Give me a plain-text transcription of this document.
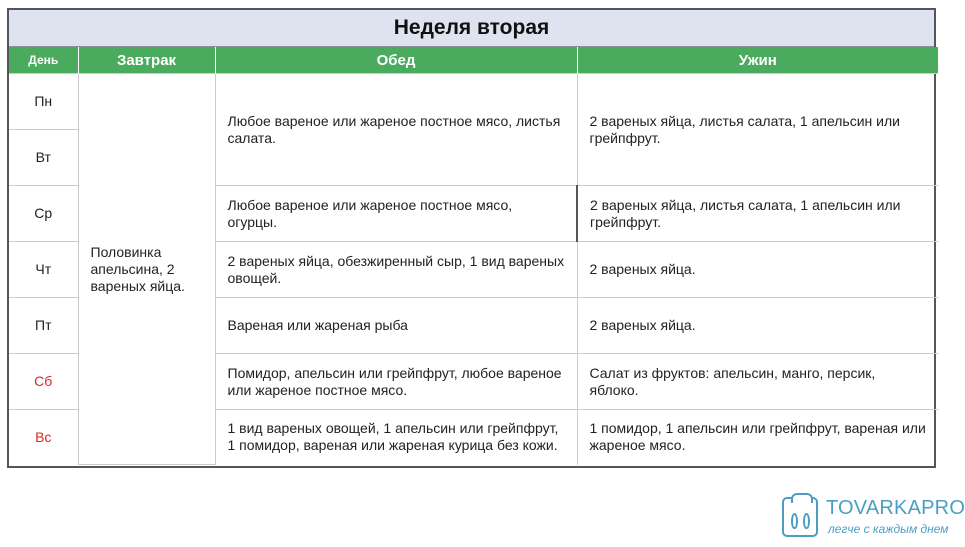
Неделя вторая
День	Завтрак	Обед	Ужин
Пн	Половинка апельсина, 2 вареных яйца.	Любое вареное или жареное постное мясо, листья салата.	2 вареных яйца, листья салата, 1 апельсин или грейпфрут.
Вт			
Ср		Любое вареное или жареное постное мясо, огурцы.	2 вареных яйца, листья салата, 1 апельсин или грейпфрут.
Чт		2 вареных яйца, обезжиренный сыр, 1 вид вареных овощей.	2 вареных яйца.
Пт		Вареная или жареная рыба	2 вареных яйца.
Сб		Помидор, апельсин или грейпфрут, любое вареное или жареное постное мясо.	Салат из фруктов: апельсин, манго, персик, яблоко.
Вс		1 вид вареных овощей, 1 апельсин или грейпфрут, 1 помидор, вареная или жареная курица без кожи.	1 помидор, 1 апельсин или грейпфрут, вареная или жареное мясо.
TOVARKAPRO
легче с каждым днем
